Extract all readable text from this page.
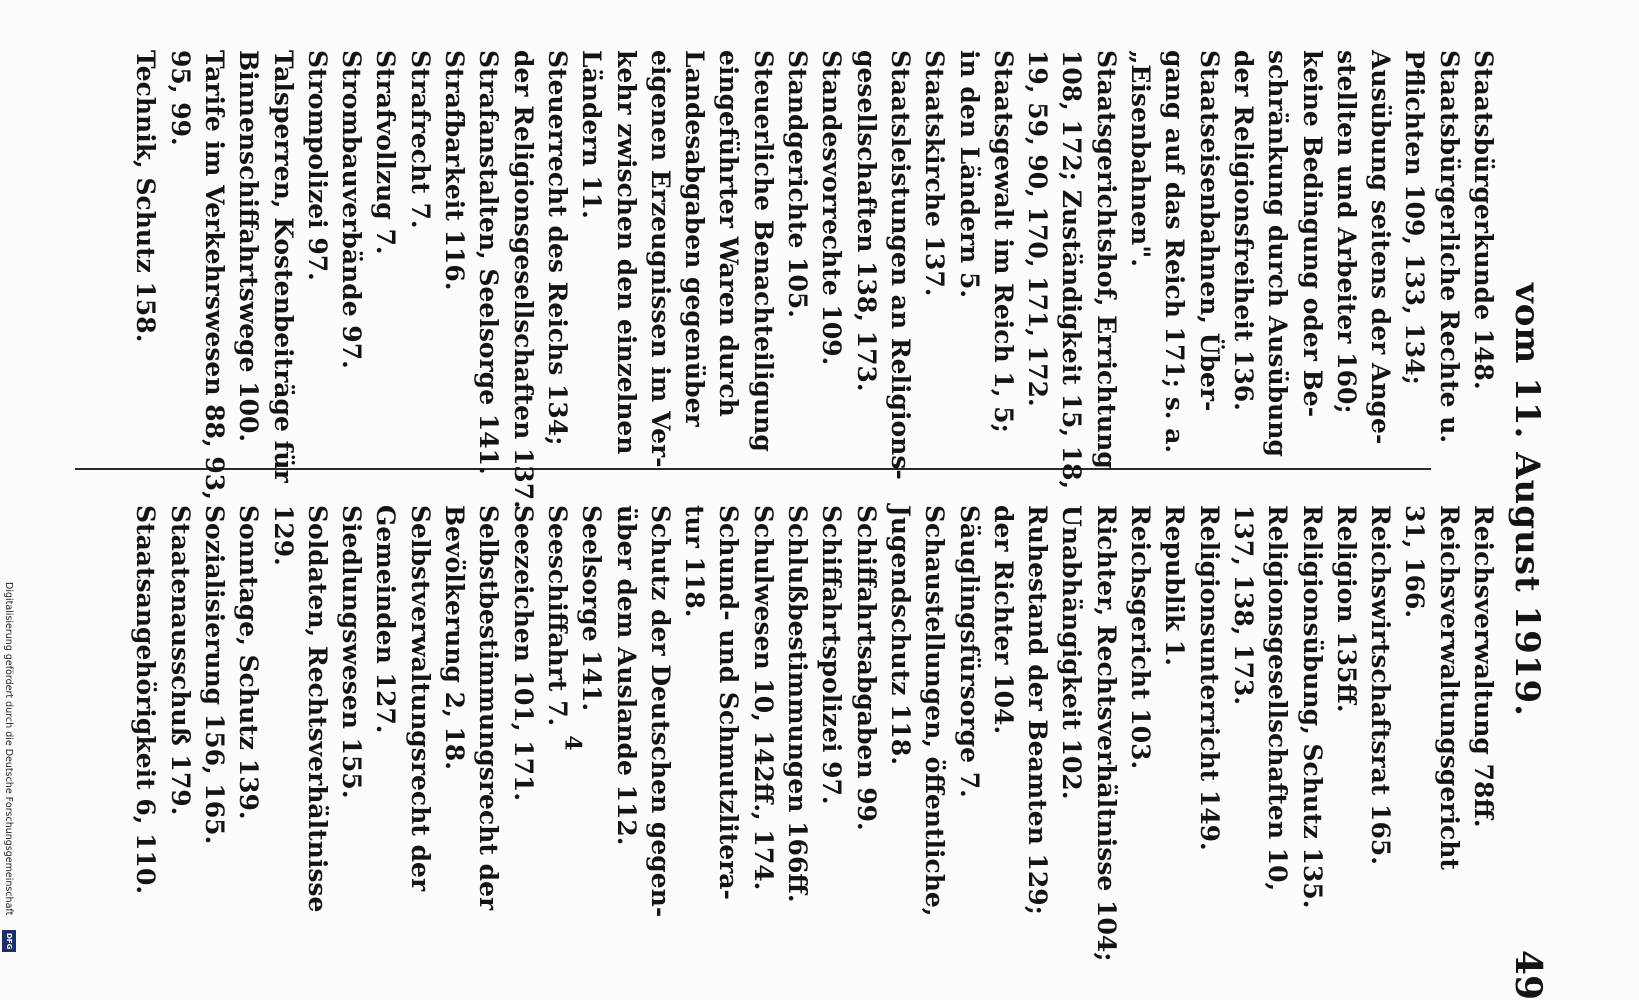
vom 11. August 1919.
49
Reichsverwaltung 78ff.
Reichsverwaltungsgericht
31, 166.
Reichswirtschaftsrat 165.
Religion 135ff.
Religionsübung, Schutz 135.
Religionsgesellschaften 10,
137, 138, 173.
Religionsunterricht 149.
Republik 1.
Reichsgericht 103.
Richter, Rechtsverhältnisse 104;
Unabhängigkeit 102.
Ruhestand der Beamten 129;
der Richter 104.
Säuglingsfürsorge 7.
Schaustellungen, öffentliche,
Jugendschutz 118.
Schiffahrtsabgaben 99.
Schiffahrtspolizei 97.
Schlußbestimmungen 166ff.
Schulwesen 10, 142ff., 174.
Schund- und Schmutzlitera-
tur 118.
Schutz der Deutschen gegen-
über dem Auslande 112.
Seelsorge 141.
Seeschiffahrt 7.
Seezeichen 101, 171.
Selbstbestimmungsrecht der
Bevölkerung 2, 18.
Selbstverwaltungsrecht der
Gemeinden 127.
Siedlungswesen 155.
Soldaten, Rechtsverhältnisse
129.
Sonntage, Schutz 139.
Sozialisierung 156, 165.
Staatenausschuß 179.
Staatsangehörigkeit 6, 110.
Staatsbürgerkunde 148.
Staatsbürgerliche Rechte u.
Pflichten 109, 133, 134;
Ausübung seitens der Ange-
stellten und Arbeiter 160;
keine Bedingung oder Be-
schränkung durch Ausübung
der Religionsfreiheit 136.
Staatseisenbahnen, Über-
gang auf das Reich 171; s. a.
„Eisenbahnen".
Staatsgerichtshof, Errichtung
108, 172; Zuständigkeit 15, 18,
19, 59, 90, 170, 171, 172.
Staatsgewalt im Reich 1, 5;
in den Ländern 5.
Staatskirche 137.
Staatsleistungen an Religions-
gesellschaften 138, 173.
Standesvorrechte 109.
Standgerichte 105.
Steuerliche Benachteiligung
eingeführter Waren durch
Landesabgaben gegenüber
eigenen Erzeugnissen im Ver-
kehr zwischen den einzelnen
Ländern 11.
Steuerrecht des Reichs 134;
der Religionsgesellschaften 137.
Strafanstalten, Seelsorge 141.
Strafbarkeit 116.
Strafrecht 7.
Strafvollzug 7.
Strombauverbände 97.
Strompolizei 97.
Talsperren, Kostenbeiträge für
Binnenschiffahrtswege 100.
Tarife im Verkehrswesen 88, 93,
95, 99.
Technik, Schutz 158.
4
Digitalisierung gefördert durch die Deutsche Forschungsgemeinschaft
DFG
